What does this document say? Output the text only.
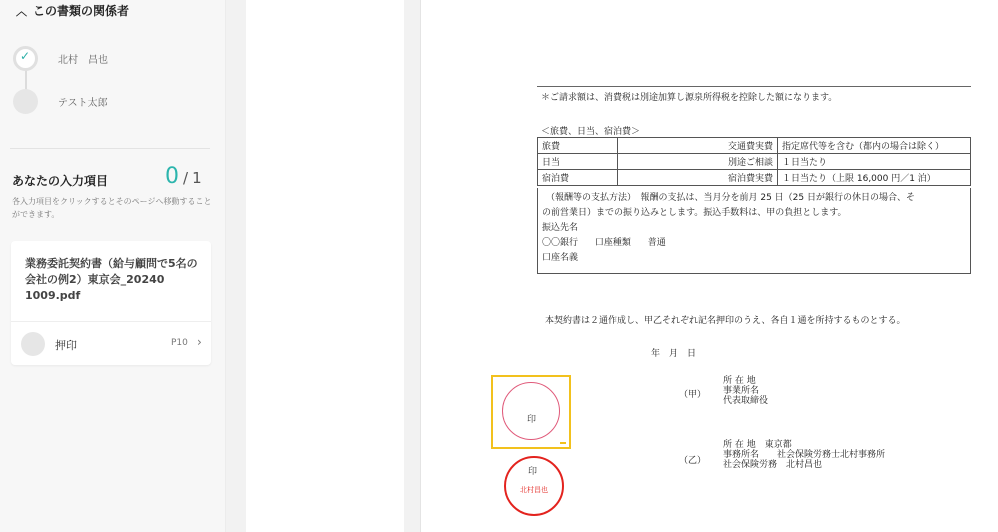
︿ この書類の関係者
✓	北村　昌也
テスト太郎
あなたの入力項目	0 / 1
各入力項目をクリックするとそのページへ移動することができます。
業務委託契約書（給与顧問で5名の会社の例2）東京会_20240 1009.pdf
押印	P10 ›
＊ご請求額は、消費税は別途加算し源泉所得税を控除した額になります。
＜旅費、日当、宿泊費＞
旅費	交通費実費	指定席代等を含む（都内の場合は除く）
日当	別途ご相談	１日当たり
宿泊費	宿泊費実費	１日当たり（上限 16,000 円／1 泊）
（報酬等の支払方法）　報酬の支払は、当月分を前月 25 日（25 日が銀行の休日の場合、そ
の前営業日）までの振り込みとします。振込手数料は、甲の負担とします。
振込先名
〇〇銀行 口座種類 普通
口座名義
本契約書は２通作成し、甲乙それぞれ記名押印のうえ、各自１通を所持するものとする。
年　月　日
（甲）
所 在 地
事業所名
代表取締役
（乙）
所 在 地　東京都
事務所名　　社会保険労務士北村事務所
社会保険労務　北村昌也
印
印
北村昌也
